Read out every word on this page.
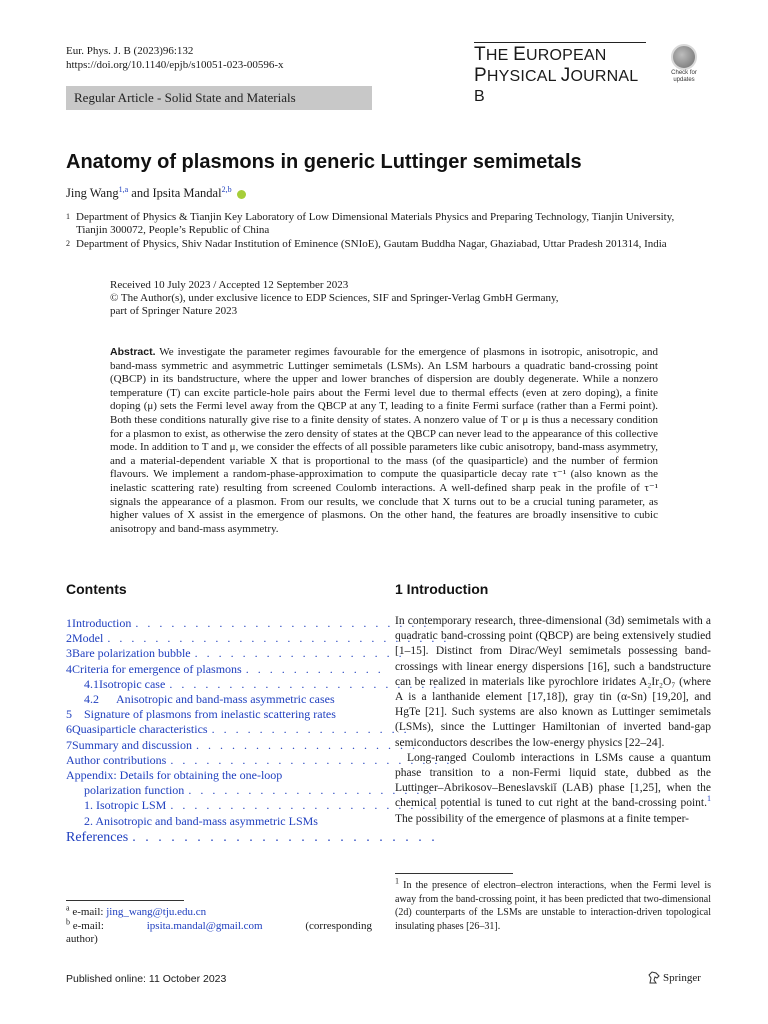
Eur. Phys. J. B (2023)96:132
https://doi.org/10.1140/epjb/s10051-023-00596-x	THE EUROPEAN
PHYSICAL JOURNAL B
Check for
updates
Regular Article - Solid State and Materials
Anatomy of plasmons in generic Luttinger semimetals
Jing Wang$^{1,a}$ and Ipsita Mandal$^{2,b}$
1 Department of Physics & Tianjin Key Laboratory of Low Dimensional Materials Physics and Preparing Technology, Tianjin University, Tianjin 300072, People’s Republic of China
2 Department of Physics, Shiv Nadar Institution of Eminence (SNIoE), Gautam Buddha Nagar, Ghaziabad, Uttar Pradesh 201314, India
Received 10 July 2023 / Accepted 12 September 2023
© The Author(s), under exclusive licence to EDP Sciences, SIF and Springer-Verlag GmbH Germany,
part of Springer Nature 2023
Abstract. We investigate the parameter regimes favourable for the emergence of plasmons in isotropic, anisotropic, and band-mass symmetric and asymmetric Luttinger semimetals (LSMs). An LSM harbours a quadratic band-crossing point (QBCP) in its bandstructure, where the upper and lower branches of dispersion are doubly degenerate. While a nonzero temperature (T) can excite particle-hole pairs about the Fermi level due to thermal effects (even at zero doping), a finite doping (μ) sets the Fermi level away from the QBCP at any T, leading to a finite Fermi surface (rather than a Fermi point). Both these conditions naturally give rise to a finite density of states. A nonzero value of T or μ is thus a necessary condition for a plasmon to exist, as otherwise the zero density of states at the QBCP can never lead to the appearance of this collective mode. In addition to T and μ, we consider the effects of all possible parameters like cubic anisotropy, band-mass asymmetry, and a material-dependent variable X that is proportional to the mass (of the quasiparticle) and the number of fermion flavours. We implement a random-phase-approximation to compute the quasiparticle decay rate τ⁻¹ (also known as the inelastic scattering rate) resulting from screened Coulomb interactions. A well-defined sharp peak in the profile of τ⁻¹ signals the appearance of a plasmon. From our results, we conclude that X turns out to be a crucial tuning parameter, as higher values of X assist in the emergence of plasmons. On the other hand, the features are broadly insensitive to cubic anisotropy and band-mass asymmetry.
Contents
1 Introduction . . . . . . . . . . . . . . . . . . . . . . . . .
2 Model . . . . . . . . . . . . . . . . . . . . . . . . . . . . .
3 Bare polarization bubble . . . . . . . . . . . . . . . . . .
4 Criteria for emergence of plasmons . . . . . . . . . . . .
4.1 Isotropic case . . . . . . . . . . . . . . . . . . . . . . .
4.2	Anisotropic and band-mass asymmetric cases
5	Signature of plasmons from inelastic scattering rates
6 Quasiparticle characteristics . . . . . . . . . . . . . . . . .
7 Summary and discussion . . . . . . . . . . . . . . . . . . .
Author contributions . . . . . . . . . . . . . . . . . . . . . . . .
Appendix: Details for obtaining the one-loop
polarization function . . . . . . . . . . . . . . . . . . . . .
1. Isotropic LSM . . . . . . . . . . . . . . . . . . . . . . . .
2. Anisotropic and band-mass asymmetric LSMs
References . . . . . . . . . . . . . . . . . . . . . . . .
1 Introduction

In contemporary research, three-dimensional (3d) semimetals with a quadratic band-crossing point (QBCP) are being extensively studied [1–15]. Distinct from Dirac/Weyl semimetals possessing band-crossings with linear energy dispersions [16], such a bandstructure can be realized in materials like pyrochlore iridates A₂Ir₂O₇ (where A is a lanthanide element [17,18]), gray tin (α-Sn) [19,20], and HgTe [21]. Such systems are also known as Luttinger semimetals (LSMs), since the Luttinger Hamiltonian of inverted band-gap semiconductors describes the low-energy physics [22–24].

Long-ranged Coulomb interactions in LSMs cause a quantum phase transition to a non-Fermi liquid state, dubbed as the Luttinger–Abrikosov–Beneslavskiĭ (LAB) phase [1,25], when the chemical potential is tuned to cut right at the band-crossing point.$^1$ The possibility of the emergence of plasmons at a finite temper-

$^1$ In the presence of electron–electron interactions, when the Fermi level is away from the band-crossing point, it has been predicted that two-dimensional (2d) counterparts of the LSMs are unstable to interaction-driven topological insulating phases [26–31].
$^a$ e-mail: jing_wang@tju.edu.cn
$^b$ e-mail:	ipsita.mandal@gmail.com	(corresponding
author)
Published online: 11 October 2023	Springer
